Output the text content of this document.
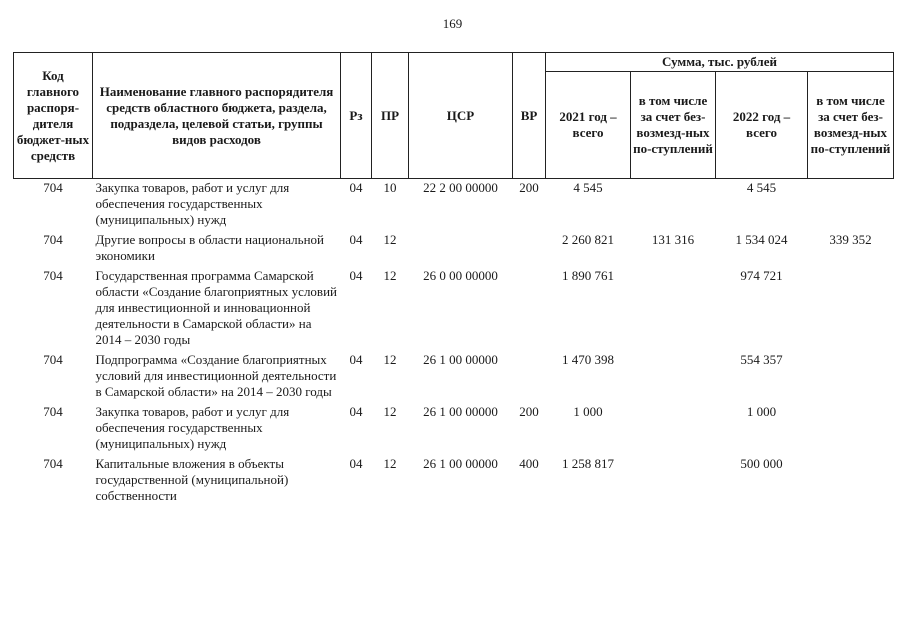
169
Код главного распоря-дителя бюджет-ных средств	Наименование главного распорядителя средств областного бюджета, раздела, подраздела, целевой статьи, группы видов расходов	Рз	ПР	ЦСР	ВР	Сумма, тыс. рублей			
						2021 год – всего	в том числе за счет без-возмезд-ных по-ступлений	2022 год – всего	в том числе за счет без-возмезд-ных по-ступлений
704	Закупка товаров, работ и услуг для обеспечения государственных (муниципальных) нужд	04	10	22 2 00 00000	200	4 545		4 545	
704	Другие вопросы в области национальной экономики	04	12			2 260 821	131 316	1 534 024	339 352
704	Государственная программа Самарской области «Создание благоприятных условий для инвестиционной и инновационной деятельности в Самарской области» на 2014 – 2030 годы	04	12	26 0 00 00000		1 890 761		974 721	
704	Подпрограмма «Создание благоприятных условий для инвестиционной деятельности в Самарской области» на 2014 – 2030 годы	04	12	26 1 00 00000		1 470 398		554 357	
704	Закупка товаров, работ и услуг для обеспечения государственных (муниципальных) нужд	04	12	26 1 00 00000	200	1 000		1 000	
704	Капитальные вложения в объекты государственной (муниципальной) собственности	04	12	26 1 00 00000	400	1 258 817		500 000	
